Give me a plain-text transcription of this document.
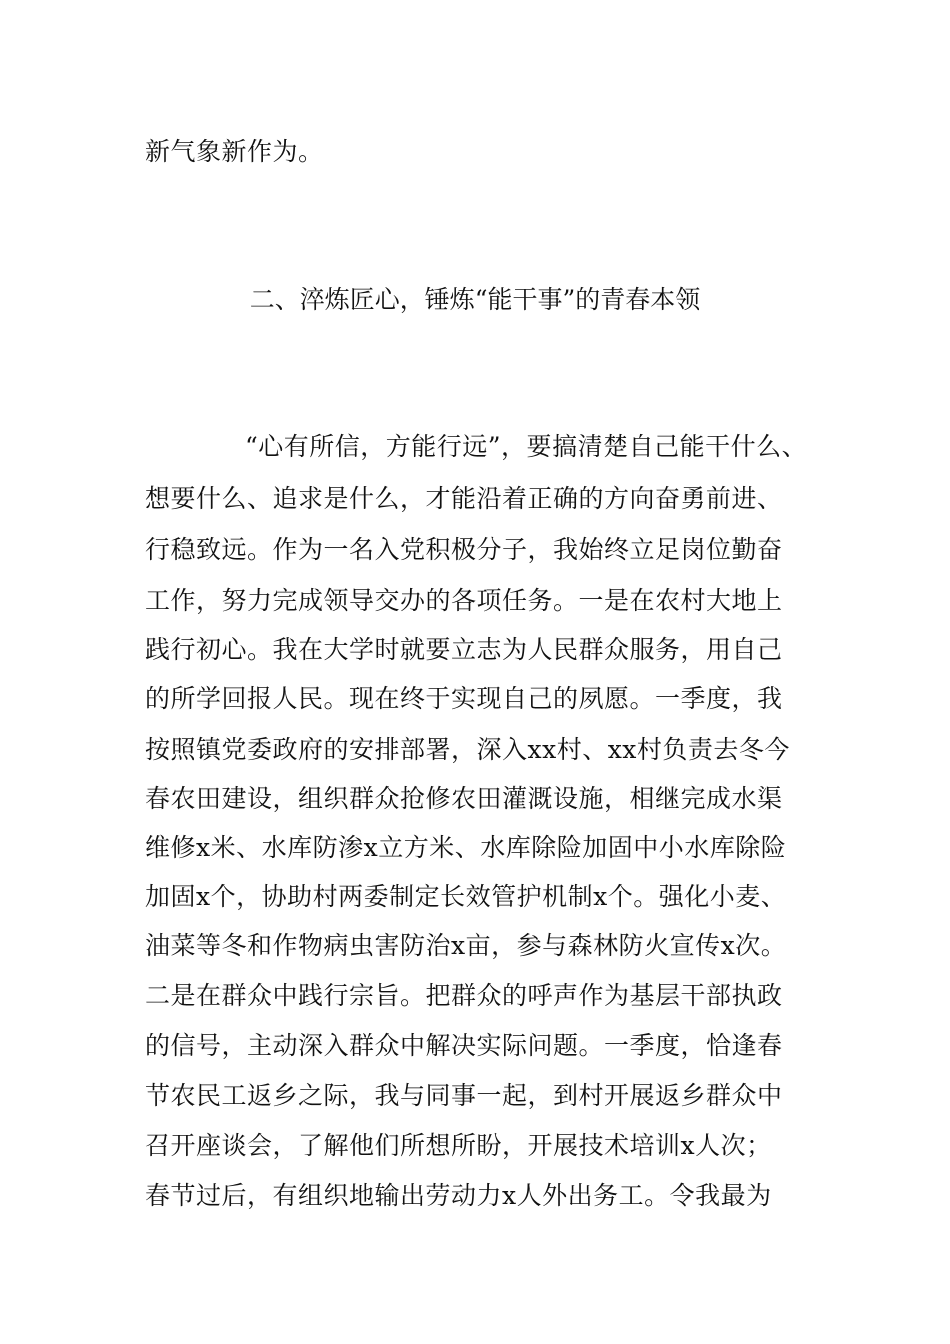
新气象新作为。
二、淬炼匠心，锤炼“能干事”的青春本领
“心有所信，方能行远”，要搞清楚自己能干什么、
想要什么、追求是什么，才能沿着正确的方向奋勇前进、
行稳致远。作为一名入党积极分子，我始终立足岗位勤奋
工作，努力完成领导交办的各项任务。一是在农村大地上
践行初心。我在大学时就要立志为人民群众服务，用自己
的所学回报人民。现在终于实现自己的夙愿。一季度，我
按照镇党委政府的安排部署，深入xx村、xx村负责去冬今
春农田建设，组织群众抢修农田灌溉设施，相继完成水渠
维修x米、水库防渗x立方米、水库除险加固中小水库除险
加固x个，协助村两委制定长效管护机制x个。强化小麦、
油菜等冬和作物病虫害防治x亩，参与森林防火宣传x次。
二是在群众中践行宗旨。把群众的呼声作为基层干部执政
的信号，主动深入群众中解决实际问题。一季度，恰逢春
节农民工返乡之际，我与同事一起，到村开展返乡群众中
召开座谈会，了解他们所想所盼，开展技术培训x人次；
春节过后，有组织地输出劳动力x人外出务工。令我最为
